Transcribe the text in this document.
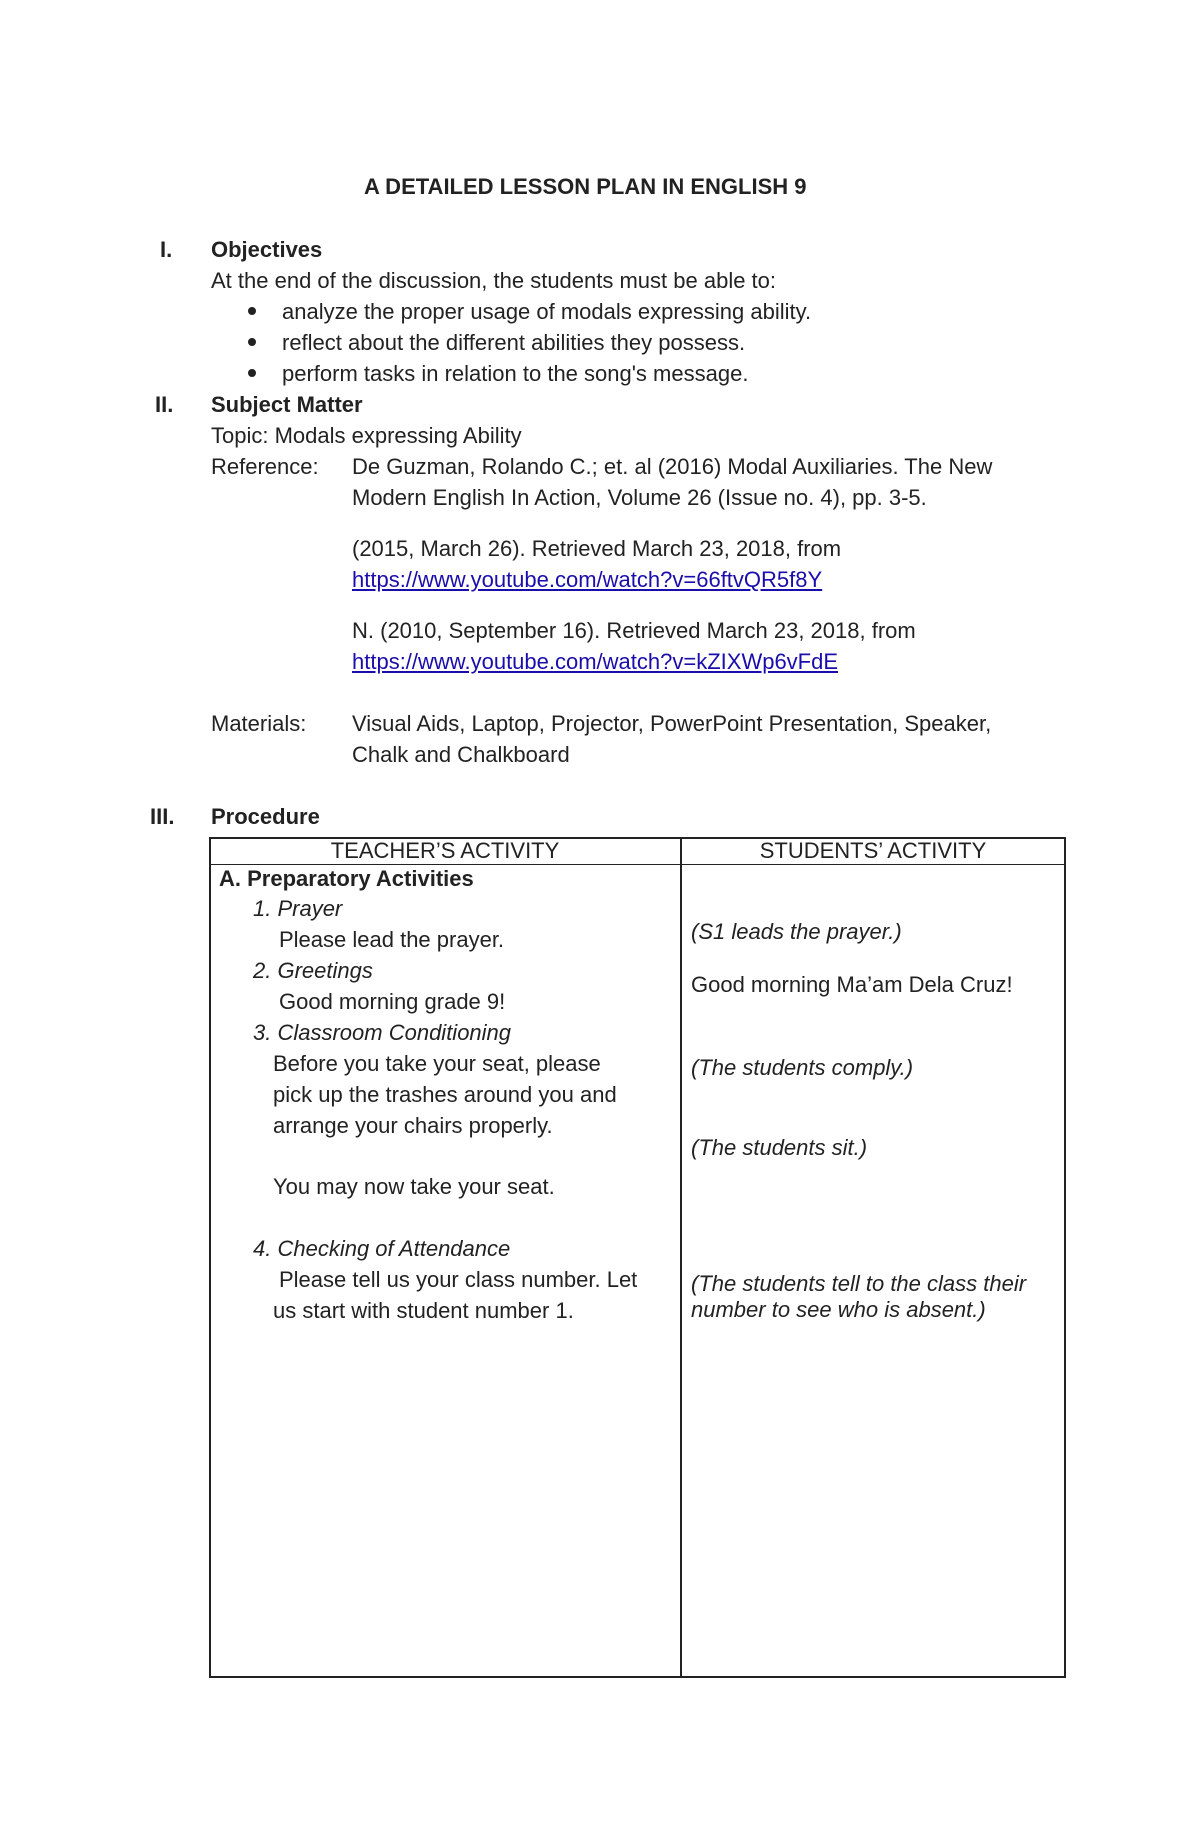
A DETAILED LESSON PLAN IN ENGLISH 9
I. Objectives
At the end of the discussion, the students must be able to:
analyze the proper usage of modals expressing ability.
reflect about the different abilities they possess.
perform tasks in relation to the song's message.
II. Subject Matter
Topic: Modals expressing Ability
Reference: De Guzman, Rolando C.; et. al (2016) Modal Auxiliaries. The New
Modern English In Action, Volume 26 (Issue no. 4), pp. 3-5.
(2015, March 26). Retrieved March 23, 2018, from
https://www.youtube.com/watch?v=66ftvQR5f8Y
N. (2010, September 16). Retrieved March 23, 2018, from
https://www.youtube.com/watch?v=kZIXWp6vFdE
Materials: Visual Aids, Laptop, Projector, PowerPoint Presentation, Speaker,
Chalk and Chalkboard
III. Procedure
TEACHER’S ACTIVITY	STUDENTS’ ACTIVITY
A. Preparatory Activities
1. Prayer
Please lead the prayer.
2. Greetings
Good morning grade 9!
3. Classroom Conditioning
Before you take your seat, please
pick up the trashes around you and
arrange your chairs properly.
You may now take your seat.
4. Checking of Attendance
Please tell us your class number. Let
us start with student number 1.
(S1 leads the prayer.)
Good morning Ma’am Dela Cruz!
(The students comply.)
(The students sit.)
(The students tell to the class their
number to see who is absent.)
